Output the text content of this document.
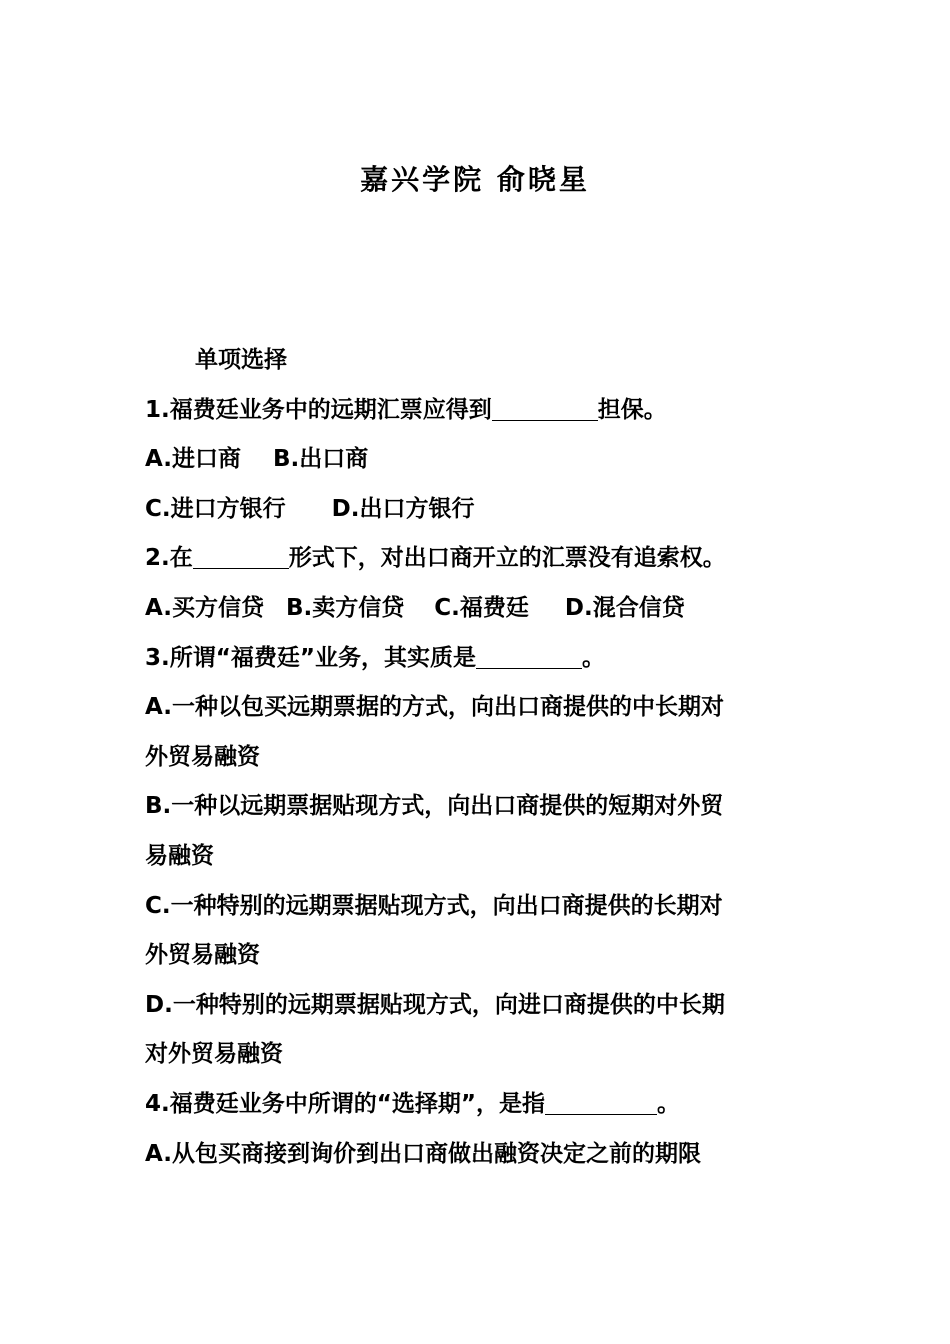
嘉兴学院 俞晓星
单项选择
1.福费廷业务中的远期汇票应得到	担保。
A.进口商 B.出口商
C.进口方银行 D.出口方银行
2.在	形式下，对出口商开立的汇票没有追索权。
A.买方信贷 B.卖方信贷 C.福费廷 D.混合信贷
3.所谓“福费廷”业务，其实质是	。
A.一种以包买远期票据的方式，向出口商提供的中长期对
外贸易融资
B.一种以远期票据贴现方式，向出口商提供的短期对外贸
易融资
C.一种特别的远期票据贴现方式，向出口商提供的长期对
外贸易融资
D.一种特别的远期票据贴现方式，向进口商提供的中长期
对外贸易融资
4.福费廷业务中所谓的“选择期”，是指	。
A.从包买商接到询价到出口商做出融资决定之前的期限
